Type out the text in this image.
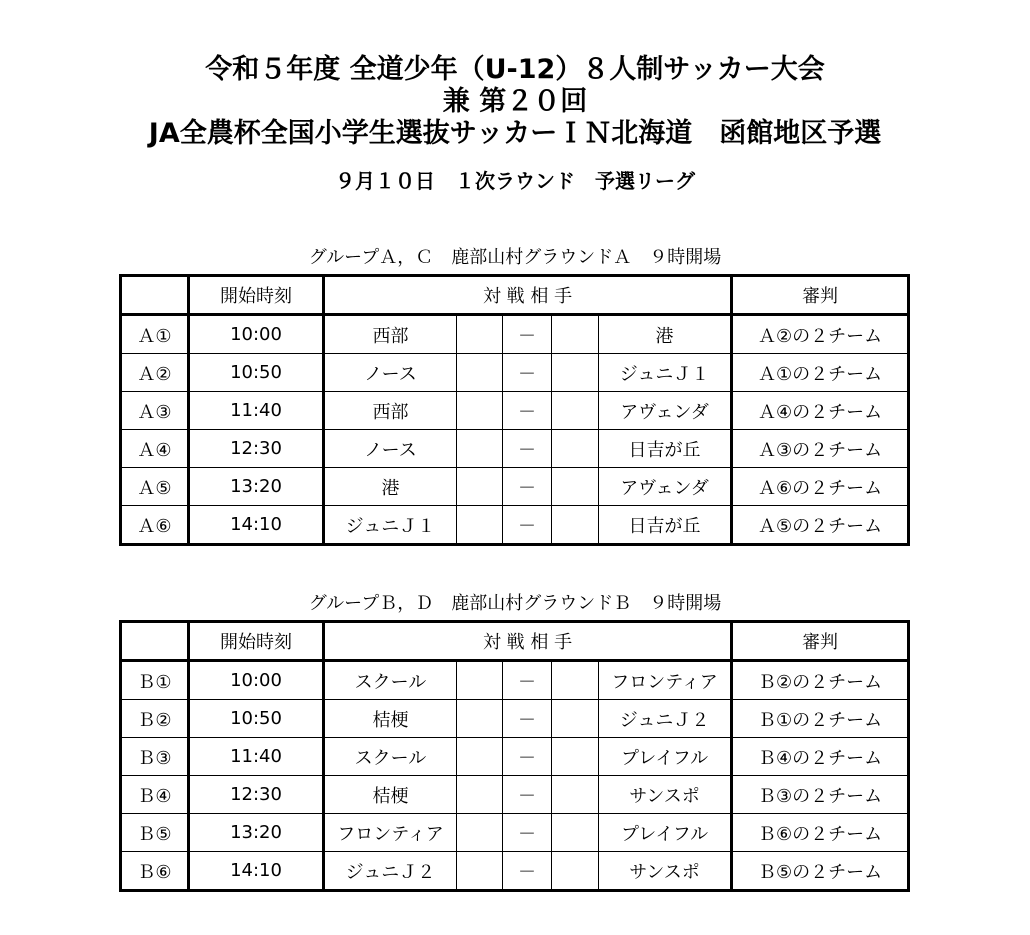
令和５年度 全道少年（U-12）８人制サッカー大会
兼 第２０回
JA全農杯全国小学生選抜サッカーＩＮ北海道　函館地区予選
９月１０日　１次ラウンド　予選リーグ
グループＡ，Ｃ　鹿部山村グラウンドＡ　９時開場
	開始時刻	対 戦 相 手					審判
Ａ①	10:00	西部		－		港	Ａ②の２チーム
Ａ②	10:50	ノース		－		ジュニＪ１	Ａ①の２チーム
Ａ③	11:40	西部		－		アヴェンダ	Ａ④の２チーム
Ａ④	12:30	ノース		－		日吉が丘	Ａ③の２チーム
Ａ⑤	13:20	港		－		アヴェンダ	Ａ⑥の２チーム
Ａ⑥	14:10	ジュニＪ１		－		日吉が丘	Ａ⑤の２チーム
グループＢ，Ｄ　鹿部山村グラウンドＢ　９時開場
	開始時刻	対 戦 相 手					審判
Ｂ①	10:00	スクール		－		フロンティア	Ｂ②の２チーム
Ｂ②	10:50	桔梗		－		ジュニＪ２	Ｂ①の２チーム
Ｂ③	11:40	スクール		－		プレイフル	Ｂ④の２チーム
Ｂ④	12:30	桔梗		－		サンスポ	Ｂ③の２チーム
Ｂ⑤	13:20	フロンティア		－		プレイフル	Ｂ⑥の２チーム
Ｂ⑥	14:10	ジュニＪ２		－		サンスポ	Ｂ⑤の２チーム
